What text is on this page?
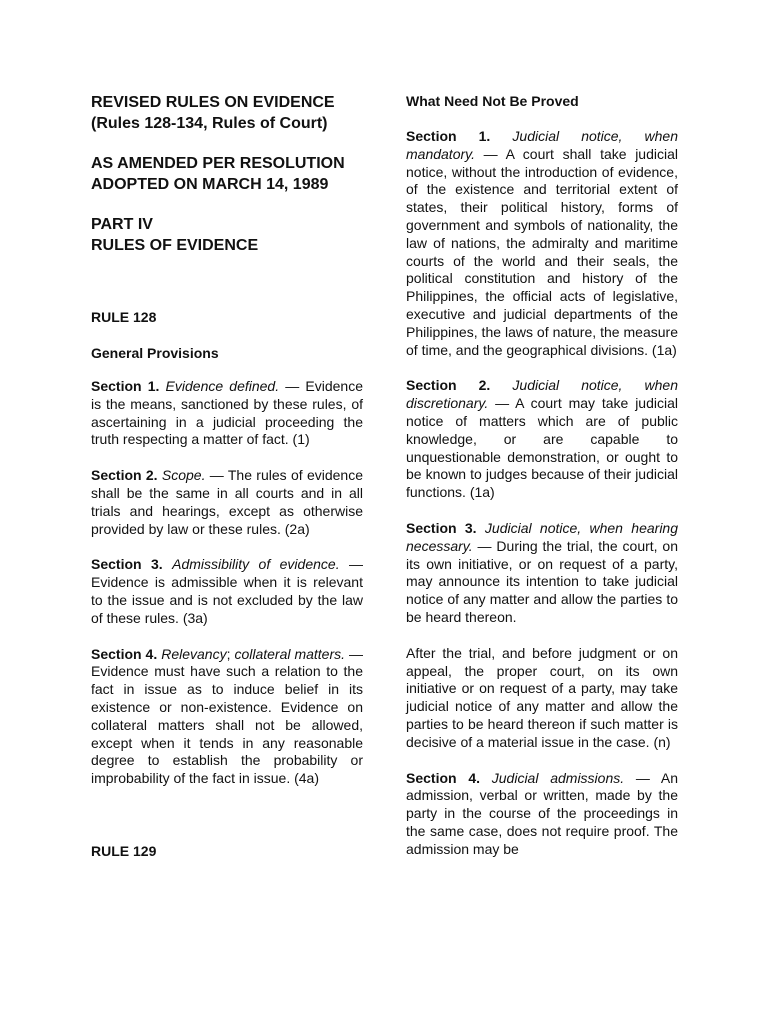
REVISED RULES ON EVIDENCE
(Rules 128-134, Rules of Court)

AS AMENDED PER RESOLUTION
ADOPTED ON MARCH 14, 1989

PART IV
RULES OF EVIDENCE

RULE 128

General Provisions

Section 1. Evidence defined. — Evidence is the means, sanctioned by these rules, of ascertaining in a judicial proceeding the truth respecting a matter of fact. (1)

Section 2. Scope. — The rules of evidence shall be the same in all courts and in all trials and hearings, except as otherwise provided by law or these rules. (2a)

Section 3. Admissibility of evidence. — Evidence is admissible when it is relevant to the issue and is not excluded by the law of these rules. (3a)

Section 4. Relevancy; collateral matters. — Evidence must have such a relation to the fact in issue as to induce belief in its existence or non-existence. Evidence on collateral matters shall not be allowed, except when it tends in any reasonable degree to establish the probability or improbability of the fact in issue. (4a)

RULE 129

What Need Not Be Proved

Section 1. Judicial notice, when mandatory. — A court shall take judicial notice, without the introduction of evidence, of the existence and territorial extent of states, their political history, forms of government and symbols of nationality, the law of nations, the admiralty and maritime courts of the world and their seals, the political constitution and history of the Philippines, the official acts of legislative, executive and judicial departments of the Philippines, the laws of nature, the measure of time, and the geographical divisions. (1a)

Section 2. Judicial notice, when discretionary. — A court may take judicial notice of matters which are of public knowledge, or are capable to unquestionable demonstration, or ought to be known to judges because of their judicial functions. (1a)

Section 3. Judicial notice, when hearing necessary. — During the trial, the court, on its own initiative, or on request of a party, may announce its intention to take judicial notice of any matter and allow the parties to be heard thereon.

After the trial, and before judgment or on appeal, the proper court, on its own initiative or on request of a party, may take judicial notice of any matter and allow the parties to be heard thereon if such matter is decisive of a material issue in the case. (n)

Section 4. Judicial admissions. — An admission, verbal or written, made by the party in the course of the proceedings in the same case, does not require proof. The admission may be
